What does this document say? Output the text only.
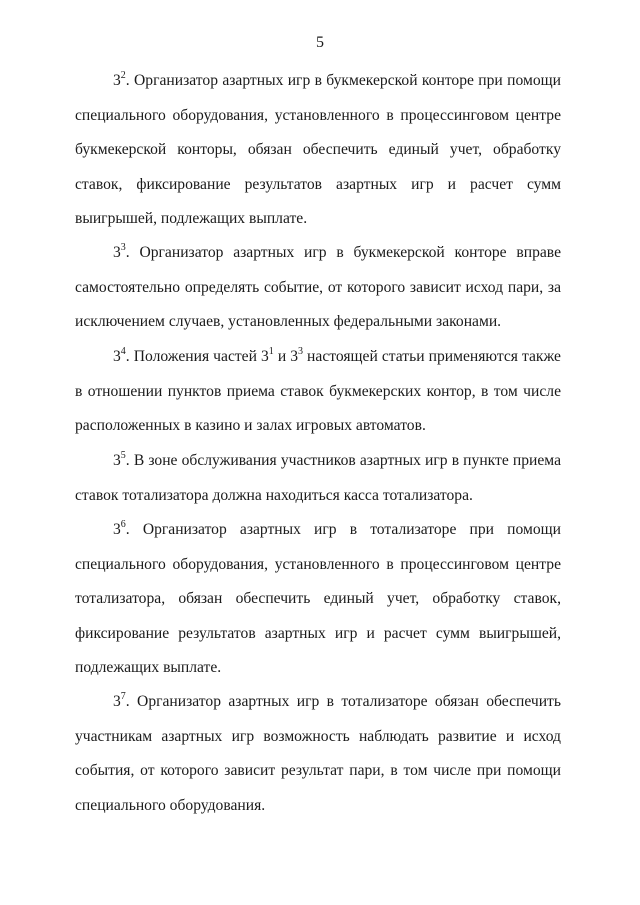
5

$3^2$. Организатор азартных игр в букмекерской конторе при помощи специального оборудования, установленного в процессинговом центре букмекерской конторы, обязан обеспечить единый учет, обработку ставок, фиксирование результатов азартных игр и расчет сумм выигрышей, подлежащих выплате.

$3^3$. Организатор азартных игр в букмекерской конторе вправе самостоятельно определять событие, от которого зависит исход пари, за исключением случаев, установленных федеральными законами.

$3^4$. Положения частей $3^1$ и $3^3$ настоящей статьи применяются также в отношении пунктов приема ставок букмекерских контор, в том числе расположенных в казино и залах игровых автоматов.

$3^5$. В зоне обслуживания участников азартных игр в пункте приема ставок тотализатора должна находиться касса тотализатора.

$3^6$. Организатор азартных игр в тотализаторе при помощи специального оборудования, установленного в процессинговом центре тотализатора, обязан обеспечить единый учет, обработку ставок, фиксирование результатов азартных игр и расчет сумм выигрышей, подлежащих выплате.

$3^7$. Организатор азартных игр в тотализаторе обязан обеспечить участникам азартных игр возможность наблюдать развитие и исход события, от которого зависит результат пари, в том числе при помощи специального оборудования.
